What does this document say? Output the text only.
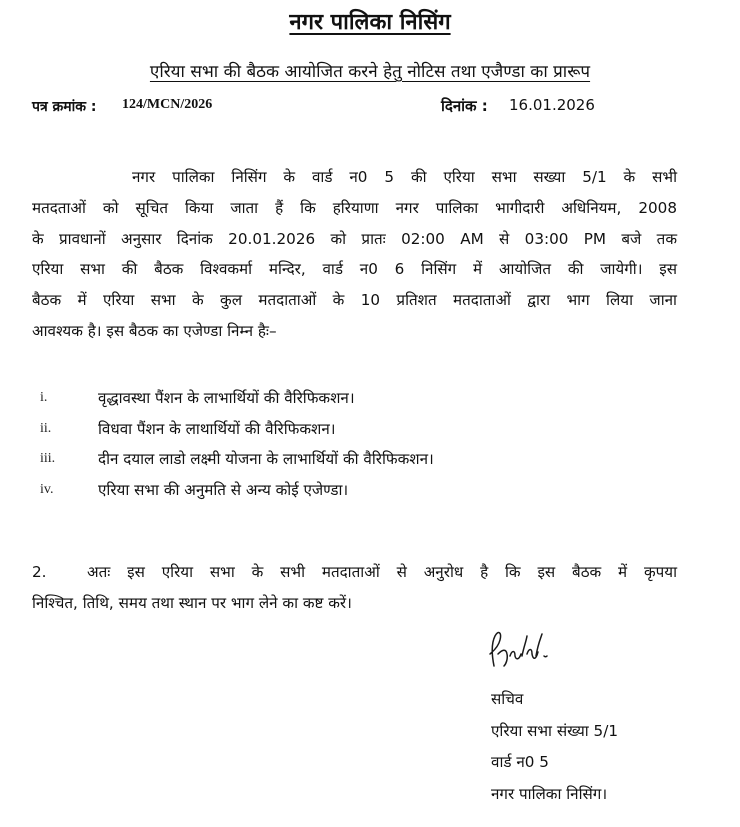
नगर पालिका निसिंग
एरिया सभा की बैठक आयोजित करने हेतु नोटिस तथा एजैण्डा का प्रारूप
पत्र क्रमांक : 124/MCN/2026	दिनांक : 16.01.2026
नगर पालिका निसिंग के वार्ड न0 5 की एरिया सभा सख्या 5/1 के सभी
मतदताओं को सूचित किया जाता हैं कि हरियाणा नगर पालिका भागीदारी अधिनियम, 2008
के प्रावधानों अनुसार दिनांक 20.01.2026 को प्रातः 02:00 AM से 03:00 PM बजे तक
एरिया सभा की बैठक विश्वकर्मा मन्दिर, वार्ड न0 6 निसिंग में आयोजित की जायेगी। इस
बैठक में एरिया सभा के कुल मतदाताओं के 10 प्रतिशत मतदाताओं द्वारा भाग लिया जाना
आवश्यक है। इस बैठक का एजेण्डा निम्न हैः–
i.	वृद्धावस्था पैंशन के लाभार्थियों की वैरिफिकशन।
ii.	विधवा पैंशन के लाथार्थियों की वैरिफिकशन।
iii.	दीन दयाल लाडो लक्ष्मी योजना के लाभार्थियों की वैरिफिकशन।
iv.	एरिया सभा की अनुमति से अन्य कोई एजेण्डा।
2.	अतः इस एरिया सभा के सभी मतदाताओं से अनुरोध है कि इस बैठक में कृपया
निश्चित, तिथि, समय तथा स्थान पर भाग लेने का कष्ट करें।
सचिव
एरिया सभा संख्या 5/1
वार्ड न0 5
नगर पालिका निसिंग।
